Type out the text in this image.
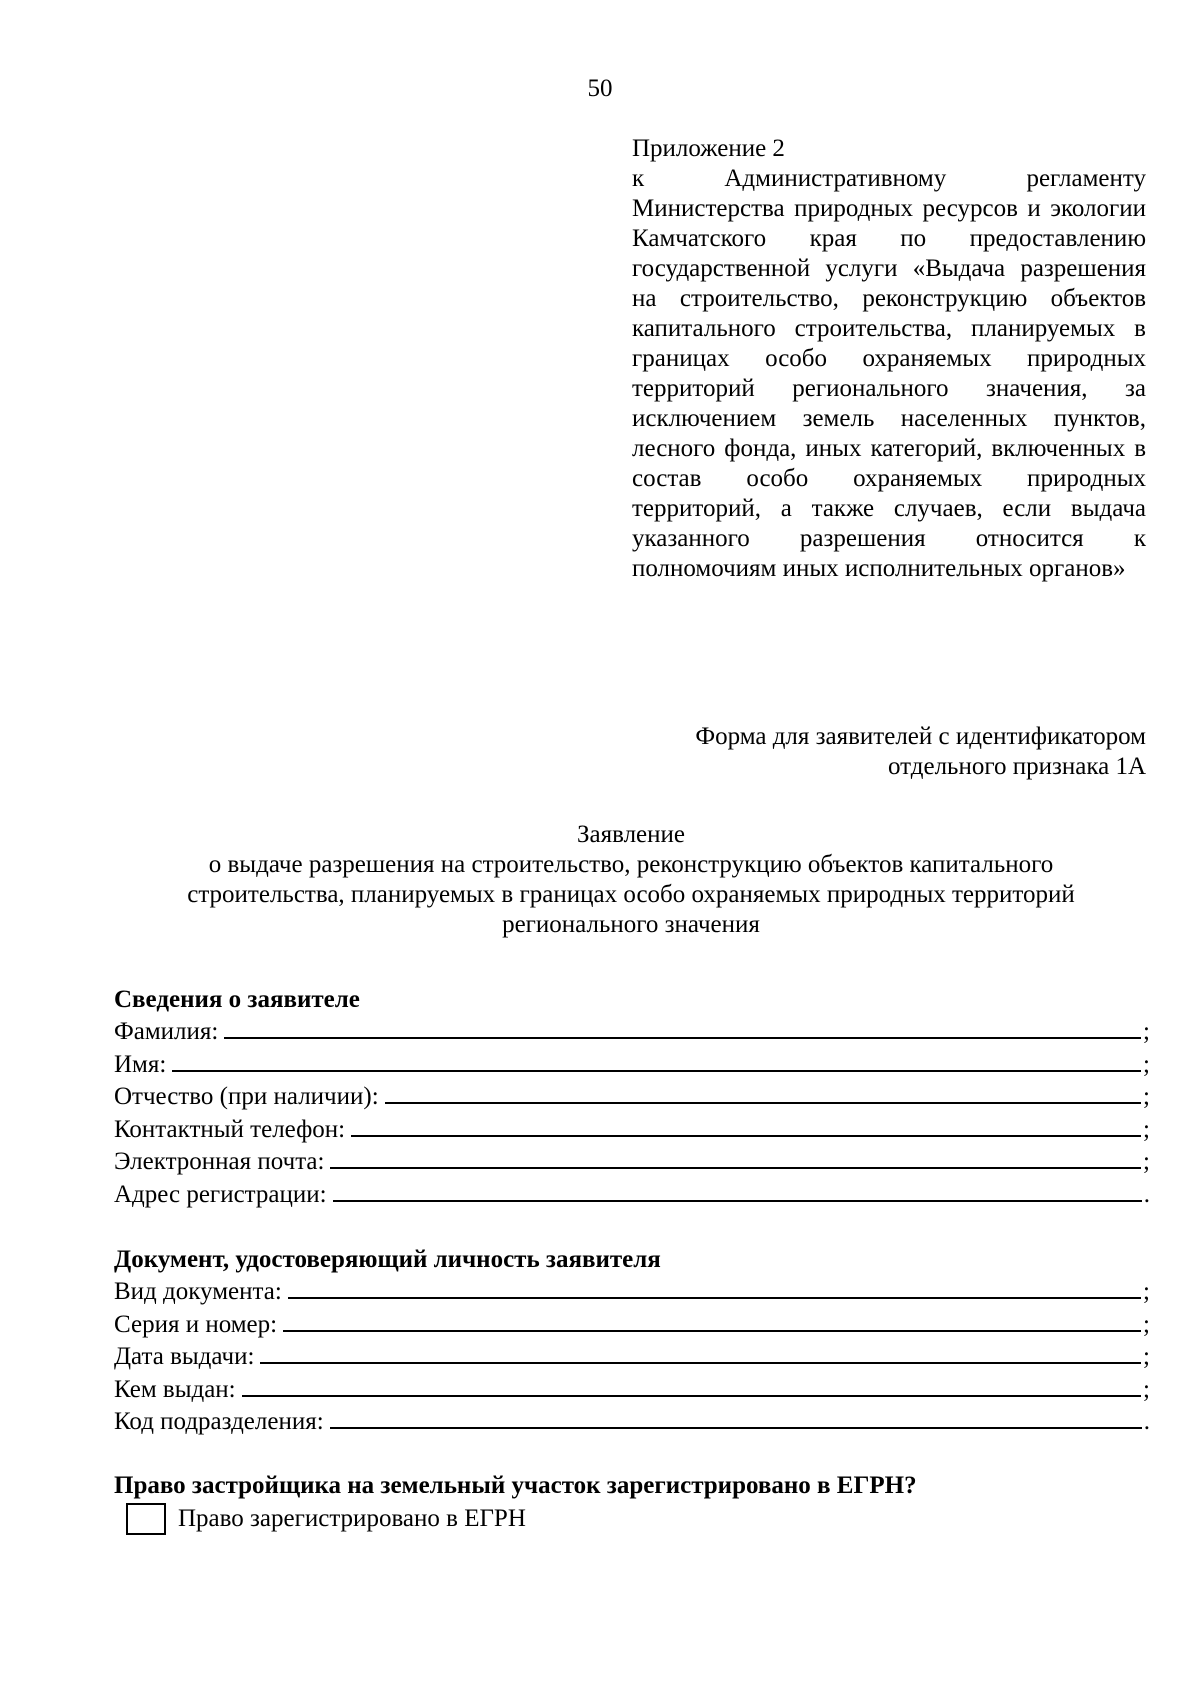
50
Приложение 2
к Административному регламенту Министерства природных ресурсов и экологии Камчатского края по предоставлению государственной услуги «Выдача разрешения на строительство, реконструкцию объектов капитального строительства, планируемых в границах особо охраняемых природных территорий регионального значения, за исключением земель населенных пунктов, лесного фонда, иных категорий, включенных в состав особо охраняемых природных территорий, а также случаев, если выдача указанного разрешения относится к полномочиям иных исполнительных органов»
Форма для заявителей с идентификатором
отдельного признака 1А
Заявление
о выдаче разрешения на строительство, реконструкцию объектов капитального
строительства, планируемых в границах особо охраняемых природных территорий
регионального значения
Сведения о заявителе
Фамилия:	;
Имя:	;
Отчество (при наличии):	;
Контактный телефон:	;
Электронная почта:	;
Адрес регистрации:	.
Документ, удостоверяющий личность заявителя
Вид документа:	;
Серия и номер:	;
Дата выдачи:	;
Кем выдан:	;
Код подразделения:	.
Право застройщика на земельный участок зарегистрировано в ЕГРН?
Право зарегистрировано в ЕГРН
